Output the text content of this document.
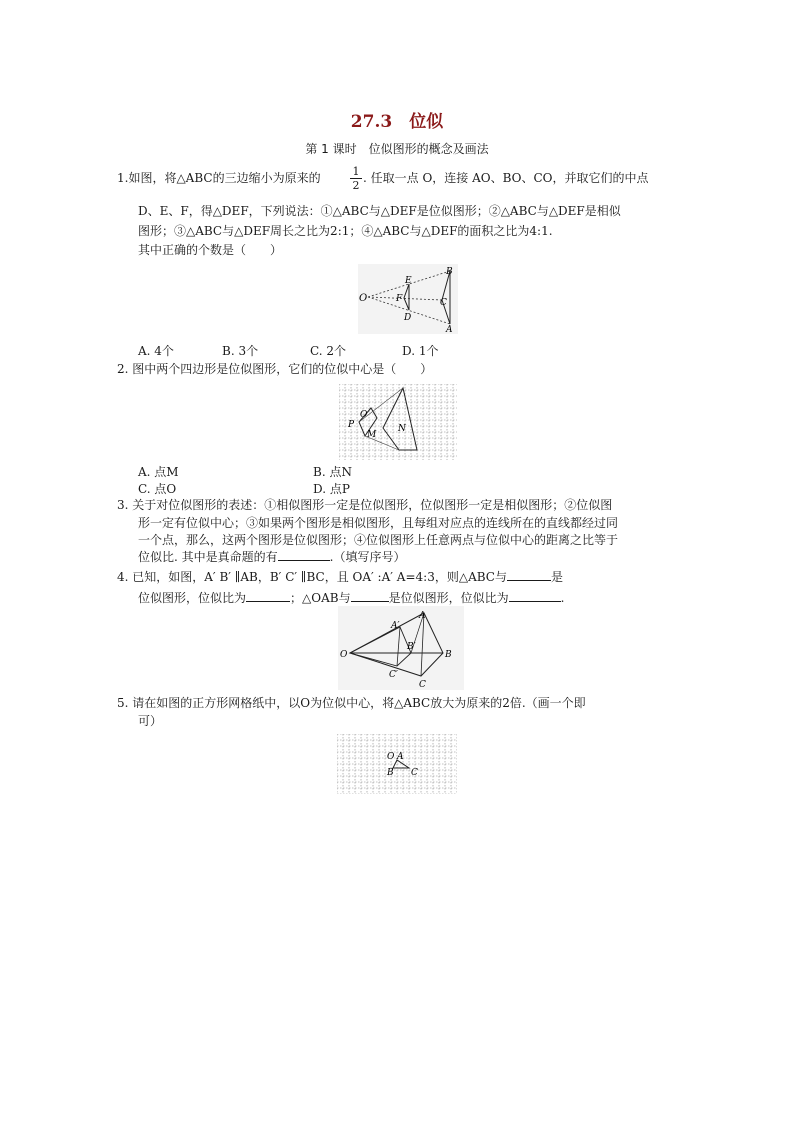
27.3　位似
第 1 课时　位似图形的概念及画法
1.如图，将△ABC的三边缩小为原来的	1
2
. 任取一点 O，连接 AO、BO、CO，并取它们的中点
D、E、F，得△DEF，下列说法：①△ABC与△DEF是位似图形；②△ABC与△DEF是相似
图形；③△ABC与△DEF周长之比为2:1；④△ABC与△DEF的面积之比为4:1.
其中正确的个数是（　　）
O
E
F
D
B
C
A
A. 4个	B. 3个	C. 2个	D. 1个
2. 图中两个四边形是位似图形，它们的位似中心是（　　）
O
P
M
N
A. 点M	B. 点N
C. 点O	D. 点P
3. 关于对位似图形的表述：①相似图形一定是位似图形，位似图形一定是相似图形；②位似图
形一定有位似中心；③如果两个图形是相似图形，且每组对应点的连线所在的直线都经过同
一个点，那么，这两个图形是位似图形；④位似图形上任意两点与位似中心的距离之比等于
位似比. 其中是真命题的有	.（填写序号）
4. 已知，如图，A′ B′ ∥AB，B′ C′ ∥BC，且 OA′ :A′ A=4:3，则△ABC与	是
位似图形，位似比为	；△OAB与	是位似图形，位似比为	.
A
A′
B′
O	B
C′
C
5. 请在如图的正方形网格纸中，以O为位似中心，将△ABC放大为原来的2倍.（画一个即
可）
O A
B C
